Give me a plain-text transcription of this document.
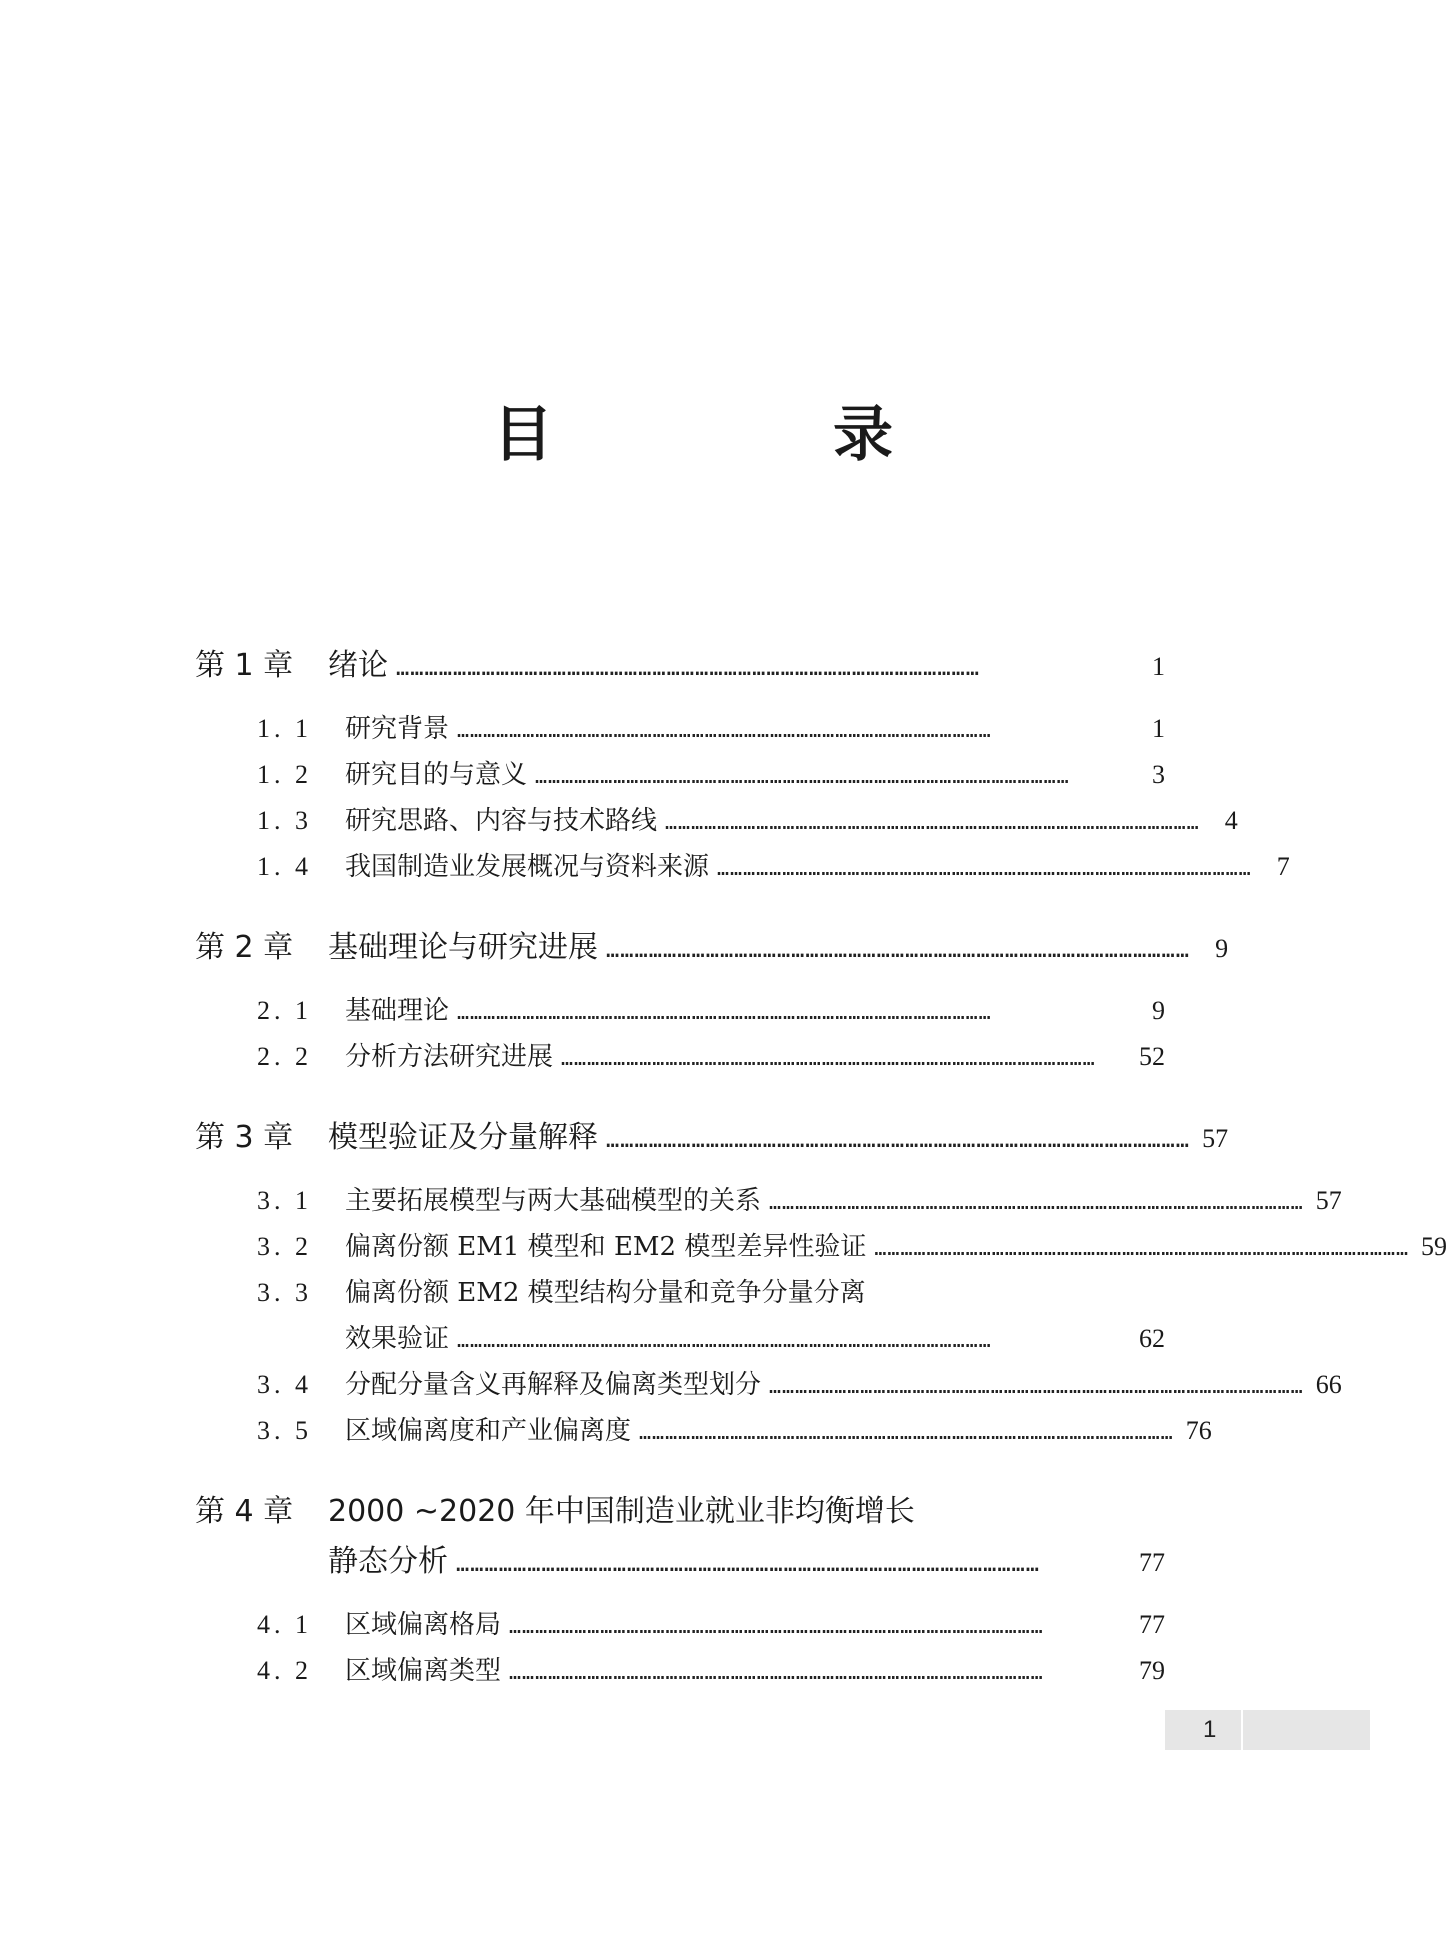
目　录
第 1 章	绪论 ……………………………………………………………………………………………………………	1
1. 1	研究背景 ……………………………………………………………………………………………………………	1
1. 2	研究目的与意义 ……………………………………………………………………………………………………………	3
1. 3	研究思路、内容与技术路线 …………………………………………………………………………………………………………… 4
1. 4	我国制造业发展概况与资料来源 …………………………………………………………………………………………………………… 7
第 2 章	基础理论与研究进展 …………………………………………………………………………………………………………… 9
2. 1	基础理论 ……………………………………………………………………………………………………………	9
2. 2	分析方法研究进展 ……………………………………………………………………………………………………………	52
第 3 章	模型验证及分量解释 …………………………………………………………………………………………………………… 57
3. 1	主要拓展模型与两大基础模型的关系 …………………………………………………………………………………………………………… 57
3. 2	偏离份额 EM1 模型和 EM2 模型差异性验证 …………………………………………………………………………………………………………… 59
3. 3	偏离份额 EM2 模型结构分量和竞争分量分离
效果验证 ……………………………………………………………………………………………………………	62
3. 4	分配分量含义再解释及偏离类型划分 …………………………………………………………………………………………………………… 66
3. 5	区域偏离度和产业偏离度 …………………………………………………………………………………………………………… 76
第 4 章	2000 ~2020 年中国制造业就业非均衡增长
静态分析 ……………………………………………………………………………………………………………	77
4. 1	区域偏离格局 ……………………………………………………………………………………………………………	77
4. 2	区域偏离类型 ……………………………………………………………………………………………………………	79
1
